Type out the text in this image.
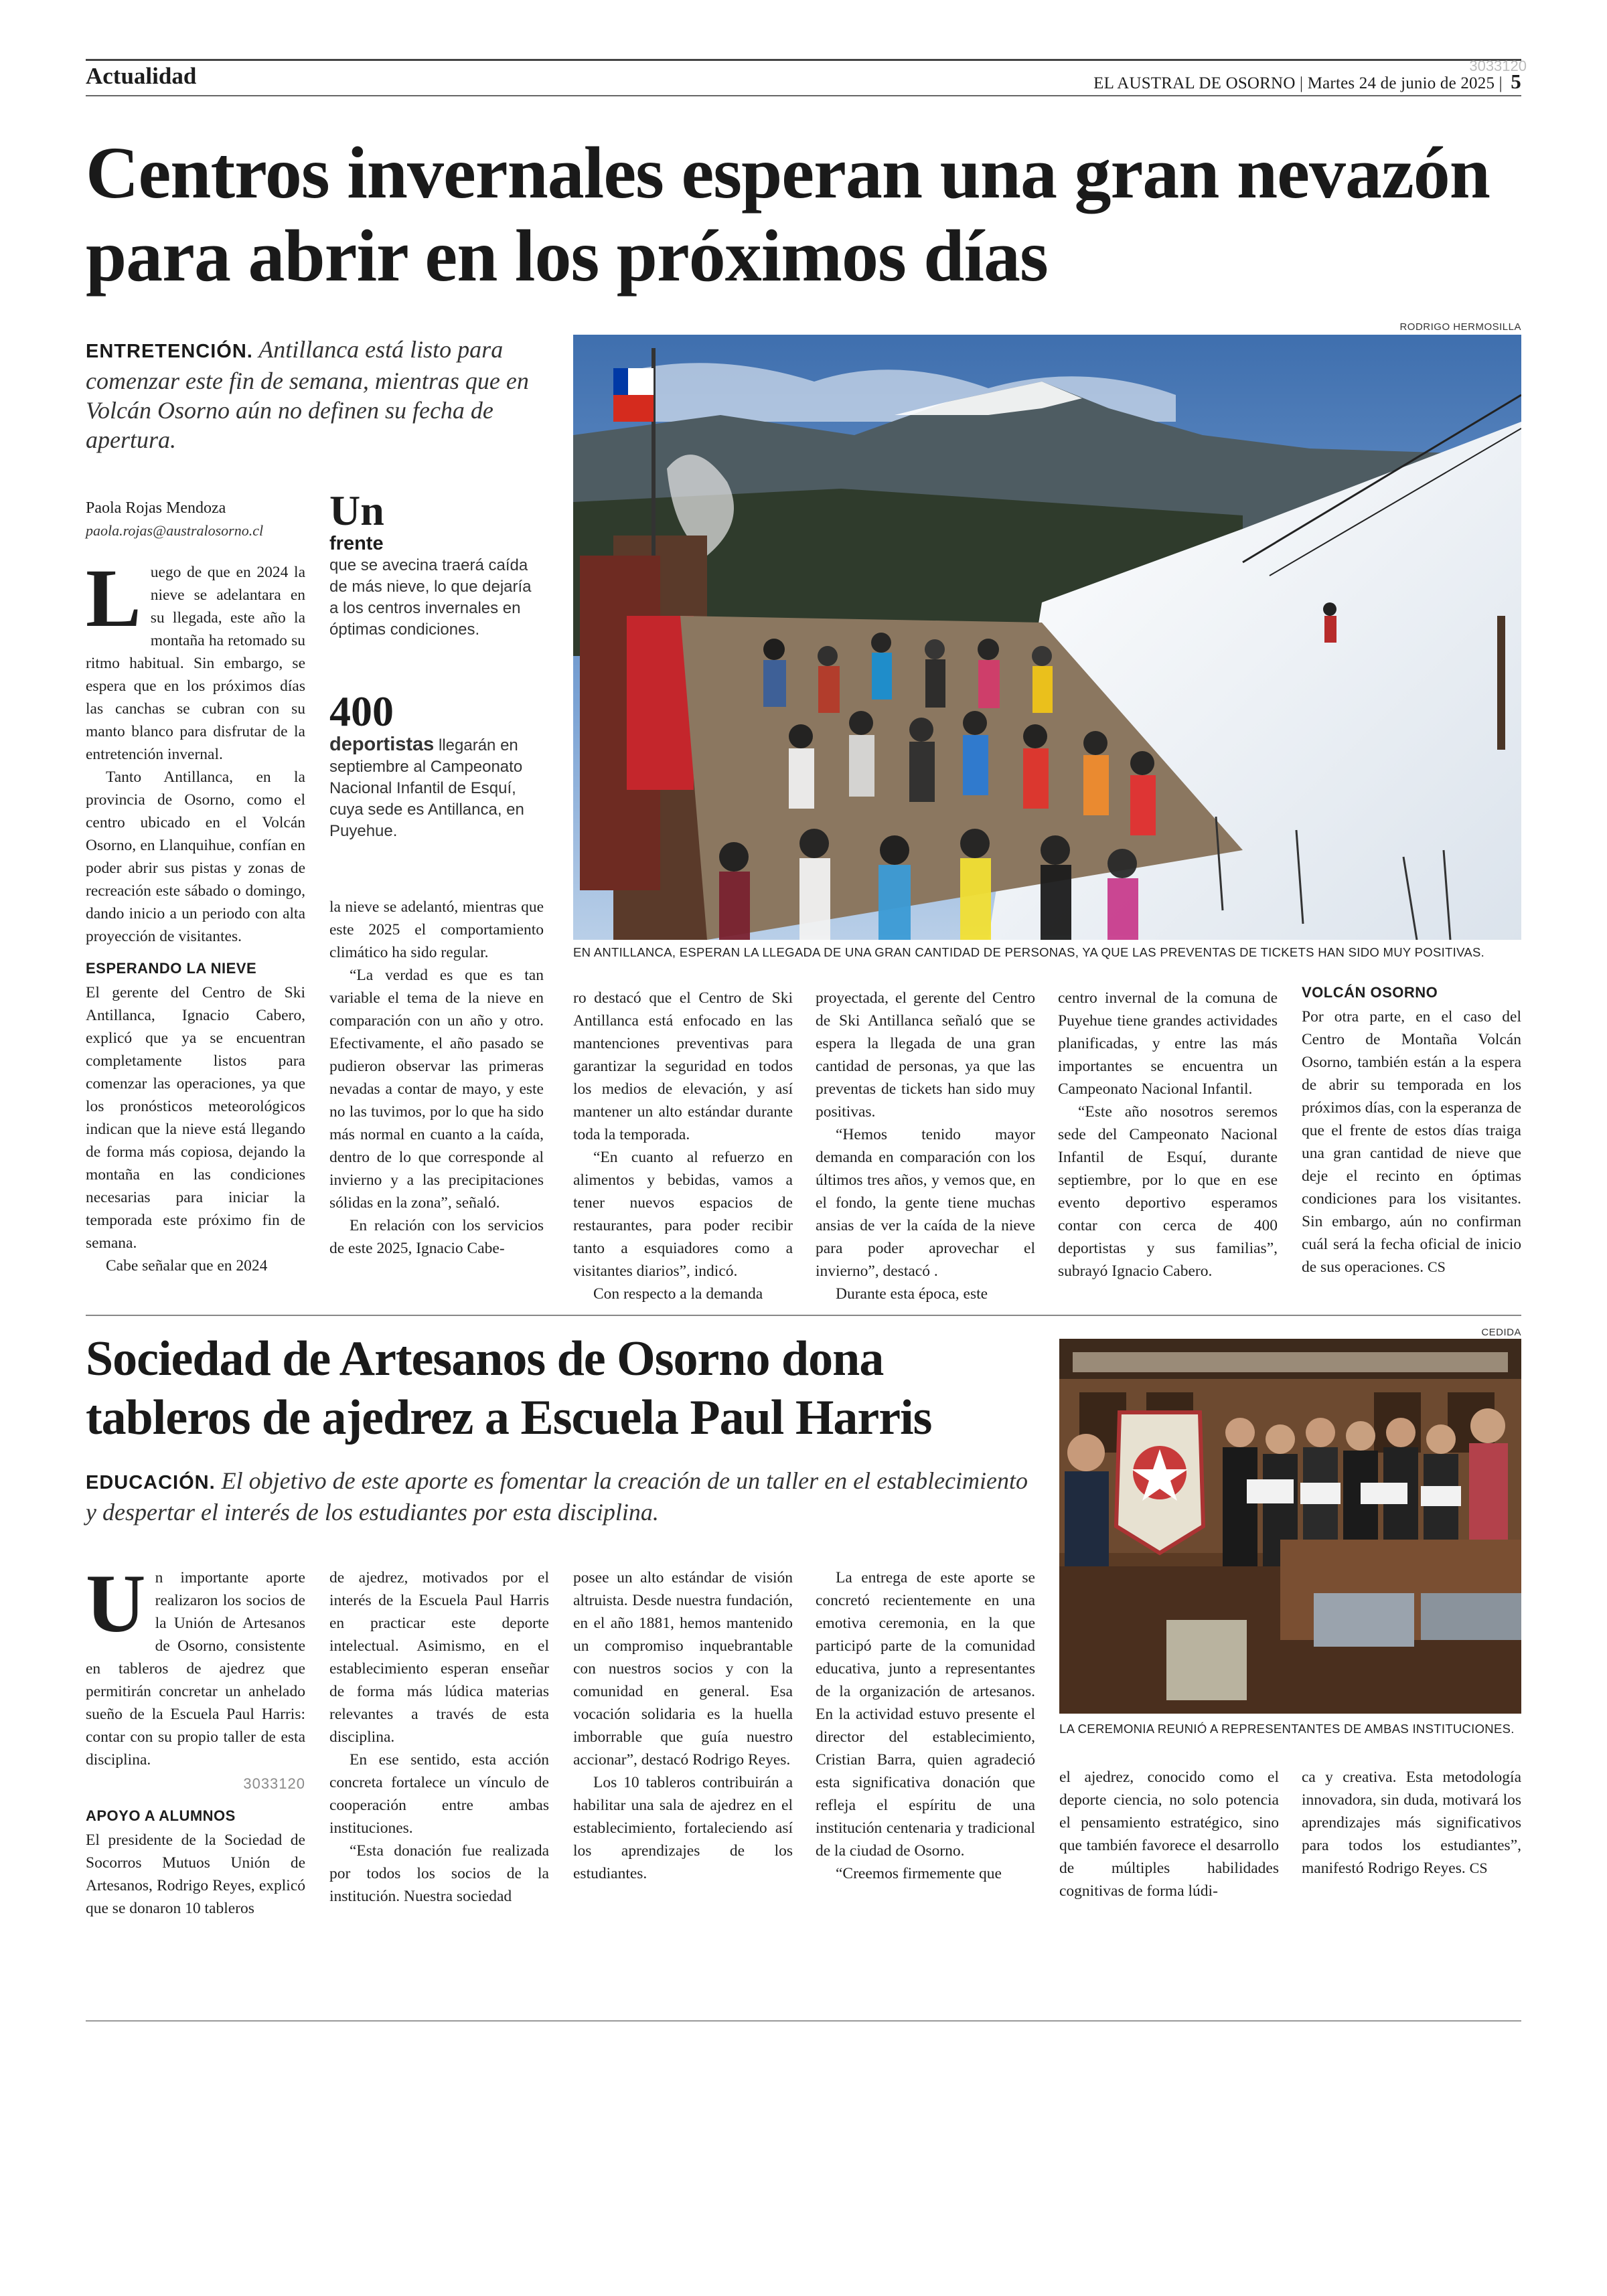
Actualidad	3033120
EL AUSTRAL DE OSORNO | Martes 24 de junio de 2025 | 5
Centros invernales esperan una gran nevazón para abrir en los próximos días
ENTRETENCIÓN. Antillanca está listo para comenzar este fin de semana, mientras que en Volcán Osorno aún no definen su fecha de apertura.
Paola Rojas Mendoza
paola.rojas@australosorno.cl Un
frente
que se avecina traerá caída de más nieve, lo que dejaría a los centros invernales en óptimas condiciones.
400
deportistas llegarán en septiembre al Campeonato Nacional Infantil de Esquí, cuya sede es Antillanca, en Puyehue.
RODRIGO HERMOSILLA
EN ANTILLANCA, ESPERAN LA LLEGADA DE UNA GRAN CANTIDAD DE PERSONAS, YA QUE LAS PREVENTAS DE TICKETS HAN SIDO MUY POSITIVAS.

Luego de que en 2024 la nieve se adelantara en su llegada, este año la montaña ha retomado su ritmo habitual. Sin embargo, se espera que en los próximos días las canchas se cubran con su manto blanco para disfrutar de la entretención invernal.

Tanto Antillanca, en la provincia de Osorno, como el centro ubicado en el Volcán Osorno, en Llanquihue, confían en poder abrir sus pistas y zonas de recreación este sábado o domingo, dando inicio a un periodo con alta proyección de visitantes.

ESPERANDO LA NIEVE

El gerente del Centro de Ski Antillanca, Ignacio Cabero, explicó que ya se encuentran completamente listos para comenzar las operaciones, ya que los pronósticos meteorológicos indican que la nieve está llegando de forma más copiosa, dejando la montaña en las condiciones necesarias para iniciar la temporada este próximo fin de semana.

Cabe señalar que en 2024

la nieve se adelantó, mientras que este 2025 el comportamiento climático ha sido regular.

“La verdad es que es tan variable el tema de la nieve en comparación con un año y otro. Efectivamente, el año pasado se pudieron observar las primeras nevadas a contar de mayo, y este no las tuvimos, por lo que ha sido más normal en cuanto a la caída, dentro de lo que corresponde al invierno y a las precipitaciones sólidas en la zona”, señaló.

En relación con los servicios de este 2025, Ignacio Cabe-

ro destacó que el Centro de Ski Antillanca está enfocado en las mantenciones preventivas para garantizar la seguridad en todos los medios de elevación, y así mantener un alto estándar durante toda la temporada.

“En cuanto al refuerzo en alimentos y bebidas, vamos a tener nuevos espacios de restaurantes, para poder recibir tanto a esquiadores como a visitantes diarios”, indicó.

Con respecto a la demanda

proyectada, el gerente del Centro de Ski Antillanca señaló que se espera la llegada de una gran cantidad de personas, ya que las preventas de tickets han sido muy positivas.

“Hemos tenido mayor demanda en comparación con los últimos tres años, y vemos que, en el fondo, la gente tiene muchas ansias de ver la caída de la nieve para poder aprovechar el invierno”, destacó .

Durante esta época, este

centro invernal de la comuna de Puyehue tiene grandes actividades planificadas, y entre las más importantes se encuentra un Campeonato Nacional Infantil.

“Este año nosotros seremos sede del Campeonato Nacional Infantil de Esquí, durante septiembre, por lo que en ese evento deportivo esperamos contar con cerca de 400 deportistas y sus familias”, subrayó Ignacio Cabero.

VOLCÁN OSORNO

Por otra parte, en el caso del Centro de Montaña Volcán Osorno, también están a la espera de abrir su temporada en los próximos días, con la esperanza de que el frente de estos días traiga una gran cantidad de nieve que deje el recinto en óptimas condiciones para los visitantes. Sin embargo, aún no confirman cuál será la fecha oficial de inicio de sus operaciones. CS

Sociedad de Artesanos de Osorno dona tableros de ajedrez a Escuela Paul Harris
EDUCACIÓN. El objetivo de este aporte es fomentar la creación de un taller en el establecimiento y despertar el interés de los estudiantes por esta disciplina.
CEDIDA
LA CEREMONIA REUNIÓ A REPRESENTANTES DE AMBAS INSTITUCIONES.

Un importante aporte realizaron los socios de la Unión de Artesanos de Osorno, consistente en tableros de ajedrez que permitirán concretar un anhelado sueño de la Escuela Paul Harris: contar con su propio taller de esta disciplina.

3033120
APOYO A ALUMNOS

El presidente de la Sociedad de Socorros Mutuos Unión de Artesanos, Rodrigo Reyes, explicó que se donaron 10 tableros

de ajedrez, motivados por el interés de la Escuela Paul Harris en practicar este deporte intelectual. Asimismo, en el establecimiento esperan enseñar de forma más lúdica materias relevantes a través de esta disciplina.

En ese sentido, esta acción concreta fortalece un vínculo de cooperación entre ambas instituciones.

“Esta donación fue realizada por todos los socios de la institución. Nuestra sociedad

posee un alto estándar de visión altruista. Desde nuestra fundación, en el año 1881, hemos mantenido un compromiso inquebrantable con nuestros socios y con la comunidad en general. Esa vocación solidaria es la huella imborrable que guía nuestro accionar”, destacó Rodrigo Reyes.

Los 10 tableros contribuirán a habilitar una sala de ajedrez en el establecimiento, fortaleciendo así los aprendizajes de los estudiantes.

La entrega de este aporte se concretó recientemente en una emotiva ceremonia, en la que participó parte de la comunidad educativa, junto a representantes de la organización de artesanos. En la actividad estuvo presente el director del establecimiento, Cristian Barra, quien agradeció esta significativa donación que refleja el espíritu de una institución centenaria y tradicional de la ciudad de Osorno.

“Creemos firmemente que

el ajedrez, conocido como el deporte ciencia, no solo potencia el pensamiento estratégico, sino que también favorece el desarrollo de múltiples habilidades cognitivas de forma lúdi-

ca y creativa. Esta metodología innovadora, sin duda, motivará los aprendizajes más significativos para todos los estudiantes”, manifestó Rodrigo Reyes. CS
